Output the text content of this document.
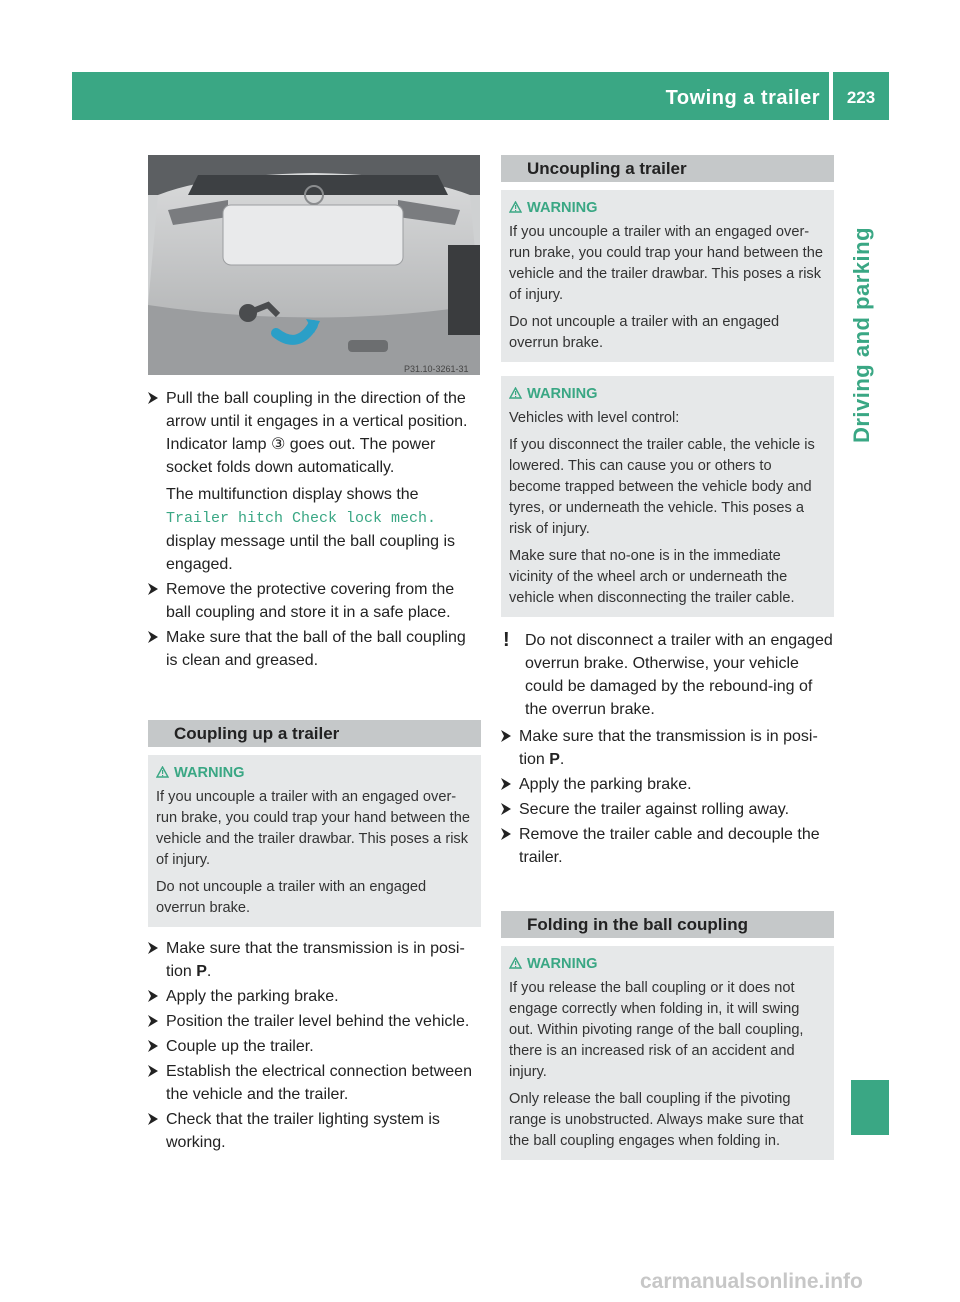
Towing a trailer	223
Driving and parking
P31.10-3261-31
Pull the ball coupling in the direction of the arrow until it engages in a vertical position. Indicator lamp ③ goes out. The power socket folds down automatically.
The multifunction display shows the
Trailer hitch Check lock mech. display message until the ball coupling is engaged.
Remove the protective covering from the ball coupling and store it in a safe place.
Make sure that the ball of the ball coupling is clean and greased.
Coupling up a trailer
WARNING

If you uncouple a trailer with an engaged over-run brake, you could trap your hand between the vehicle and the trailer drawbar. This poses a risk of injury.

Do not uncouple a trailer with an engaged overrun brake.

Make sure that the transmission is in posi-tion P.
Apply the parking brake.
Position the trailer level behind the vehicle.
Couple up the trailer.
Establish the electrical connection between the vehicle and the trailer.
Check that the trailer lighting system is working.
Uncoupling a trailer
WARNING

If you uncouple a trailer with an engaged over-run brake, you could trap your hand between the vehicle and the trailer drawbar. This poses a risk of injury.

Do not uncouple a trailer with an engaged overrun brake.

WARNING

Vehicles with level control:

If you disconnect the trailer cable, the vehicle is lowered. This can cause you or others to become trapped between the vehicle body and tyres, or underneath the vehicle. This poses a risk of injury.

Make sure that no-one is in the immediate vicinity of the wheel arch or underneath the vehicle when disconnecting the trailer cable.

! Do not disconnect a trailer with an engaged overrun brake. Otherwise, your vehicle could be damaged by the rebound-ing of the overrun brake.
Make sure that the transmission is in posi-tion P.
Apply the parking brake.
Secure the trailer against rolling away.
Remove the trailer cable and decouple the trailer.
Folding in the ball coupling
WARNING

If you release the ball coupling or it does not engage correctly when folding in, it will swing out. Within pivoting range of the ball coupling, there is an increased risk of an accident and injury.

Only release the ball coupling if the pivoting range is unobstructed. Always make sure that the ball coupling engages when folding in.

carmanualsonline.info
